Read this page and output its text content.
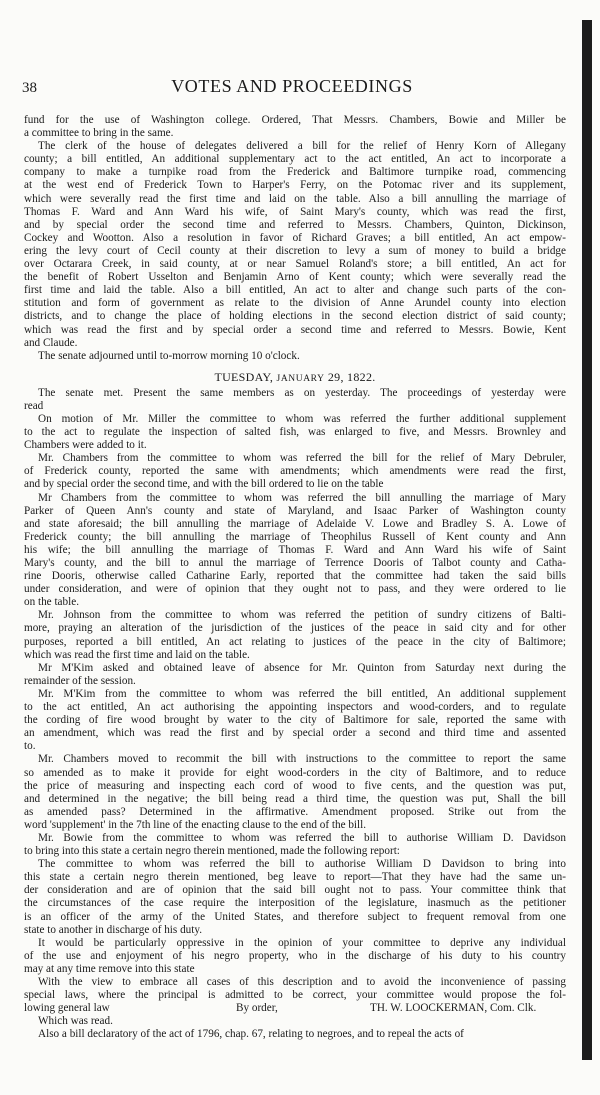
38	VOTES AND PROCEEDINGS
fund for the use of Washington college. Ordered, That Messrs. Chambers, Bowie and Miller be
a committee to bring in the same.
The clerk of the house of delegates delivered a bill for the relief of Henry Korn of Allegany
county; a bill entitled, An additional supplementary act to the act entitled, An act to incorporate a
company to make a turnpike road from the Frederick and Baltimore turnpike road, commencing
at the west end of Frederick Town to Harper's Ferry, on the Potomac river and its supplement,
which were severally read the first time and laid on the table. Also a bill annulling the marriage of
Thomas F. Ward and Ann Ward his wife, of Saint Mary's county, which was read the first,
and by special order the second time and referred to Messrs. Chambers, Quinton, Dickinson,
Cockey and Wootton. Also a resolution in favor of Richard Graves; a bill entitled, An act empow-
ering the levy court of Cecil county at their discretion to levy a sum of money to build a bridge
over Octarara Creek, in said county, at or near Samuel Roland's store; a bill entitled, An act for
the benefit of Robert Usselton and Benjamin Arno of Kent county; which were severally read the
first time and laid the table. Also a bill entitled, An act to alter and change such parts of the con-
stitution and form of government as relate to the division of Anne Arundel county into election
districts, and to change the place of holding elections in the second election district of said county;
which was read the first and by special order a second time and referred to Messrs. Bowie, Kent
and Claude.
The senate adjourned until to-morrow morning 10 o'clock.
TUESDAY, JANUARY 29, 1822.
The senate met. Present the same members as on yesterday. The proceedings of yesterday were
read
On motion of Mr. Miller the committee to whom was referred the further additional supplement
to the act to regulate the inspection of salted fish, was enlarged to five, and Messrs. Brownley and
Chambers were added to it.
Mr. Chambers from the committee to whom was referred the bill for the relief of Mary Debruler,
of Frederick county, reported the same with amendments; which amendments were read the first,
and by special order the second time, and with the bill ordered to lie on the table
Mr Chambers from the committee to whom was referred the bill annulling the marriage of Mary
Parker of Queen Ann's county and state of Maryland, and Isaac Parker of Washington county
and state aforesaid; the bill annulling the marriage of Adelaide V. Lowe and Bradley S. A. Lowe of
Frederick county; the bill annulling the marriage of Theophilus Russell of Kent county and Ann
his wife; the bill annulling the marriage of Thomas F. Ward and Ann Ward his wife of Saint
Mary's county, and the bill to annul the marriage of Terrence Dooris of Talbot county and Catha-
rine Dooris, otherwise called Catharine Early, reported that the committee had taken the said bills
under consideration, and were of opinion that they ought not to pass, and they were ordered to lie
on the table.
Mr. Johnson from the committee to whom was referred the petition of sundry citizens of Balti-
more, praying an alteration of the jurisdiction of the justices of the peace in said city and for other
purposes, reported a bill entitled, An act relating to justices of the peace in the city of Baltimore;
which was read the first time and laid on the table.
Mr M'Kim asked and obtained leave of absence for Mr. Quinton from Saturday next during the
remainder of the session.
Mr. M'Kim from the committee to whom was referred the bill entitled, An additional supplement
to the act entitled, An act authorising the appointing inspectors and wood-corders, and to regulate
the cording of fire wood brought by water to the city of Baltimore for sale, reported the same with
an amendment, which was read the first and by special order a second and third time and assented
to.
Mr. Chambers moved to recommit the bill with instructions to the committee to report the same
so amended as to make it provide for eight wood-corders in the city of Baltimore, and to reduce
the price of measuring and inspecting each cord of wood to five cents, and the question was put,
and determined in the negative; the bill being read a third time, the question was put, Shall the bill
as amended pass? Determined in the affirmative. Amendment proposed. Strike out from the
word 'supplement' in the 7th line of the enacting clause to the end of the bill.
Mr. Bowie from the committee to whom was referred the bill to authorise William D. Davidson
to bring into this state a certain negro therein mentioned, made the following report:
The committee to whom was referred the bill to authorise William D Davidson to bring into
this state a certain negro therein mentioned, beg leave to report—That they have had the same un-
der consideration and are of opinion that the said bill ought not to pass. Your committee think that
the circumstances of the case require the interposition of the legislature, inasmuch as the petitioner
is an officer of the army of the United States, and therefore subject to frequent removal from one
state to another in discharge of his duty.
It would be particularly oppressive in the opinion of your committee to deprive any individual
of the use and enjoyment of his negro property, who in the discharge of his duty to his country
may at any time remove into this state
With the view to embrace all cases of this description and to avoid the inconvenience of passing
special laws, where the principal is admitted to be correct, your committee would propose the fol-
lowing general law	By order,	TH. W. LOOCKERMAN, Com. Clk.
Which was read.
Also a bill declaratory of the act of 1796, chap. 67, relating to negroes, and to repeal the acts of
